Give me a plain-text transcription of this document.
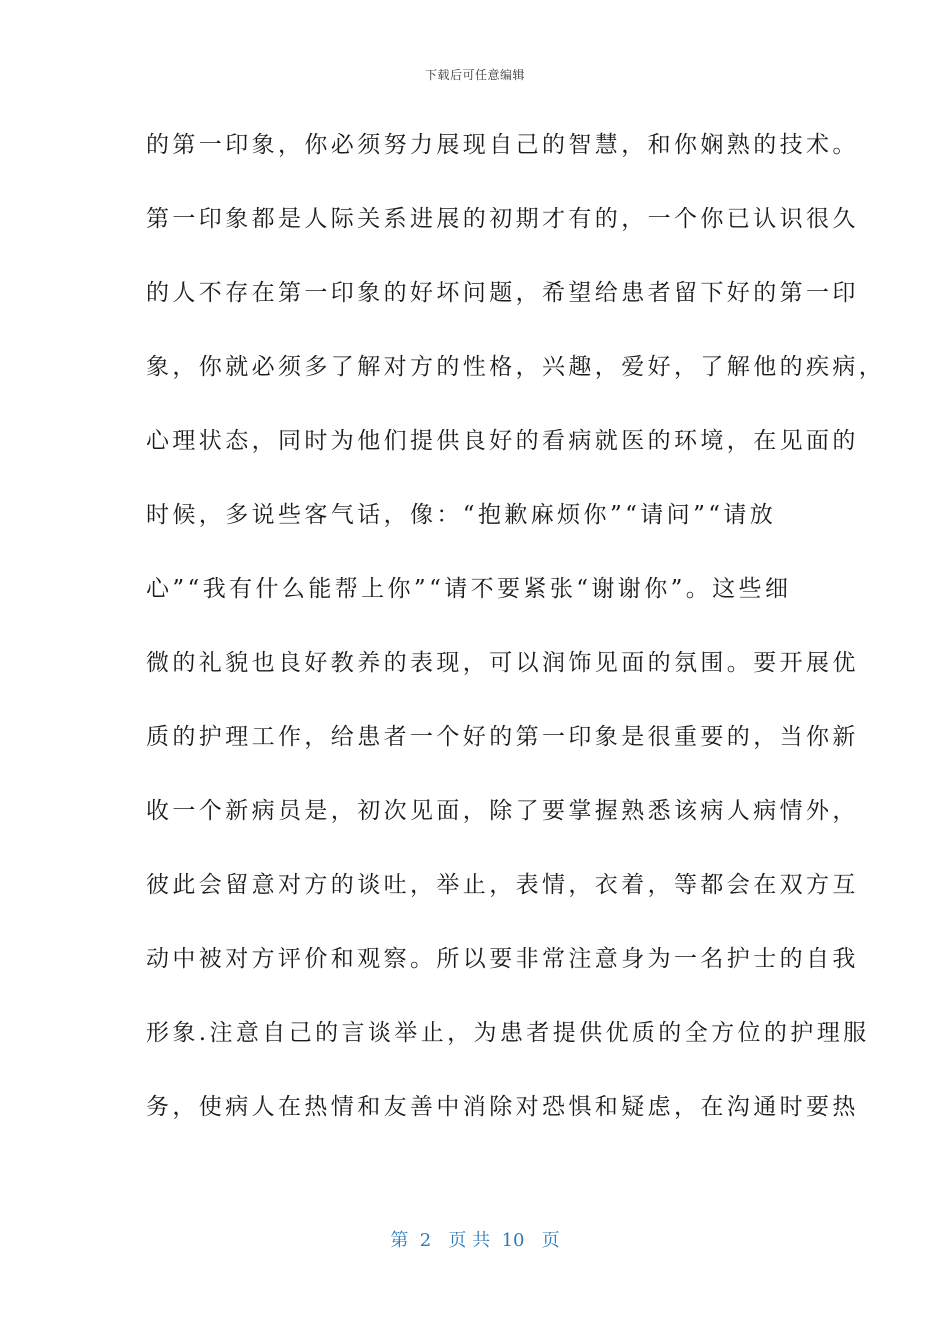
下载后可任意编辑
的第一印象，你必须努力展现自己的智慧，和你娴熟的技术。
第一印象都是人际关系进展的初期才有的，一个你已认识很久
的人不存在第一印象的好坏问题，希望给患者留下好的第一印
象，你就必须多了解对方的性格，兴趣，爱好，了解他的疾病，
心理状态，同时为他们提供良好的看病就医的环境，在见面的
时候，多说些客气话，像：“抱歉麻烦你”“请问”“请放
心”“我有什么能帮上你”“请不要紧张“谢谢你”。这些细
微的礼貌也良好教养的表现，可以润饰见面的氛围。要开展优
质的护理工作，给患者一个好的第一印象是很重要的，当你新
收一个新病员是，初次见面，除了要掌握熟悉该病人病情外，
彼此会留意对方的谈吐，举止，表情，衣着，等都会在双方互
动中被对方评价和观察。所以要非常注意身为一名护士的自我
形象.注意自己的言谈举止，为患者提供优质的全方位的护理服
务，使病人在热情和友善中消除对恐惧和疑虑，在沟通时要热
第  2   页 共  10   页
